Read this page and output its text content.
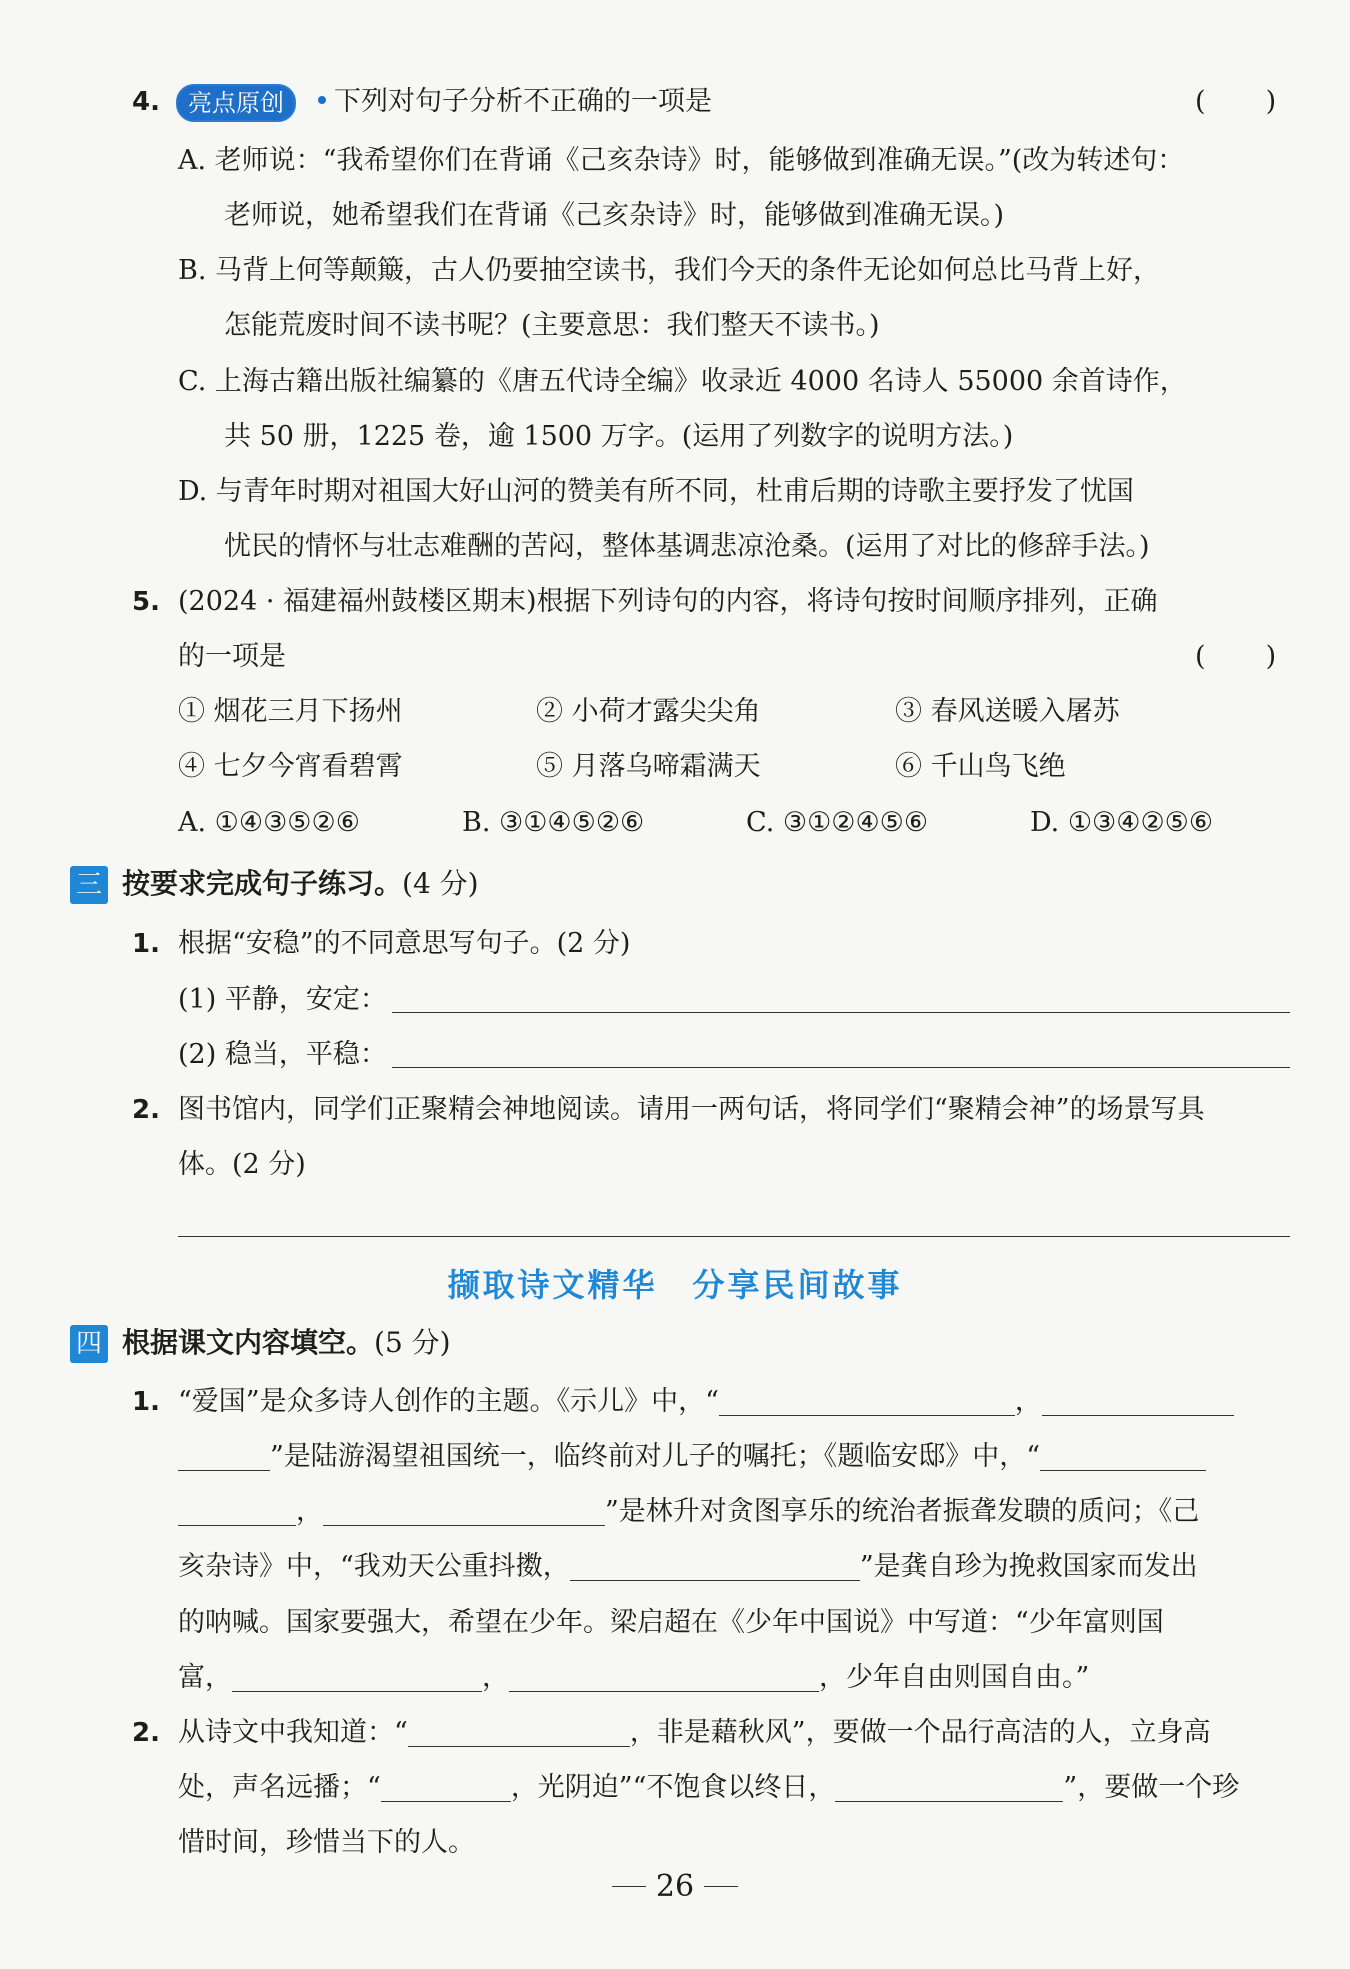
4.	亮点原创	下列对句子分析不正确的一项是	(       )
A. 老师说：“我希望你们在背诵《己亥杂诗》时，能够做到准确无误。”(改为转述句：
老师说，她希望我们在背诵《己亥杂诗》时，能够做到准确无误。)
B. 马背上何等颠簸，古人仍要抽空读书，我们今天的条件无论如何总比马背上好，
怎能荒废时间不读书呢？(主要意思：我们整天不读书。)
C. 上海古籍出版社编纂的《唐五代诗全编》收录近 4000 名诗人 55000 余首诗作，
共 50 册，1225 卷，逾 1500 万字。(运用了列数字的说明方法。)
D. 与青年时期对祖国大好山河的赞美有所不同，杜甫后期的诗歌主要抒发了忧国
忧民的情怀与壮志难酬的苦闷，整体基调悲凉沧桑。(运用了对比的修辞手法。)
5. (2024 · 福建福州鼓楼区期末)根据下列诗句的内容，将诗句按时间顺序排列，正确
的一项是	(       )
① 烟花三月下扬州	② 小荷才露尖尖角	③ 春风送暖入屠苏
④ 七夕今宵看碧霄	⑤ 月落乌啼霜满天	⑥ 千山鸟飞绝
A. ①④③⑤②⑥	B. ③①④⑤②⑥	C. ③①②④⑤⑥	D. ①③④②⑤⑥
三 按要求完成句子练习。(4 分)
1. 根据“安稳”的不同意思写句子。(2 分)
(1) 平静，安定：
(2) 稳当，平稳：
2. 图书馆内，同学们正聚精会神地阅读。请用一两句话，将同学们“聚精会神”的场景写具
体。(2 分)
撷取诗文精华　分享民间故事
四 根据课文内容填空。(5 分)
1. “爱国”是众多诗人创作的主题。《示儿》中，“	，
”是陆游渴望祖国统一，临终前对儿子的嘱托；《题临安邸》中，“
，	”是林升对贪图享乐的统治者振聋发聩的质问；《己
亥杂诗》中，“我劝天公重抖擞，	”是龚自珍为挽救国家而发出
的呐喊。国家要强大，希望在少年。梁启超在《少年中国说》中写道：“少年富则国
富，	，	，少年自由则国自由。”
2. 从诗文中我知道：“	，非是藉秋风”，要做一个品行高洁的人，立身高
处，声名远播；“	，光阴迫”“不饱食以终日，	”，要做一个珍
惜时间，珍惜当下的人。
26
